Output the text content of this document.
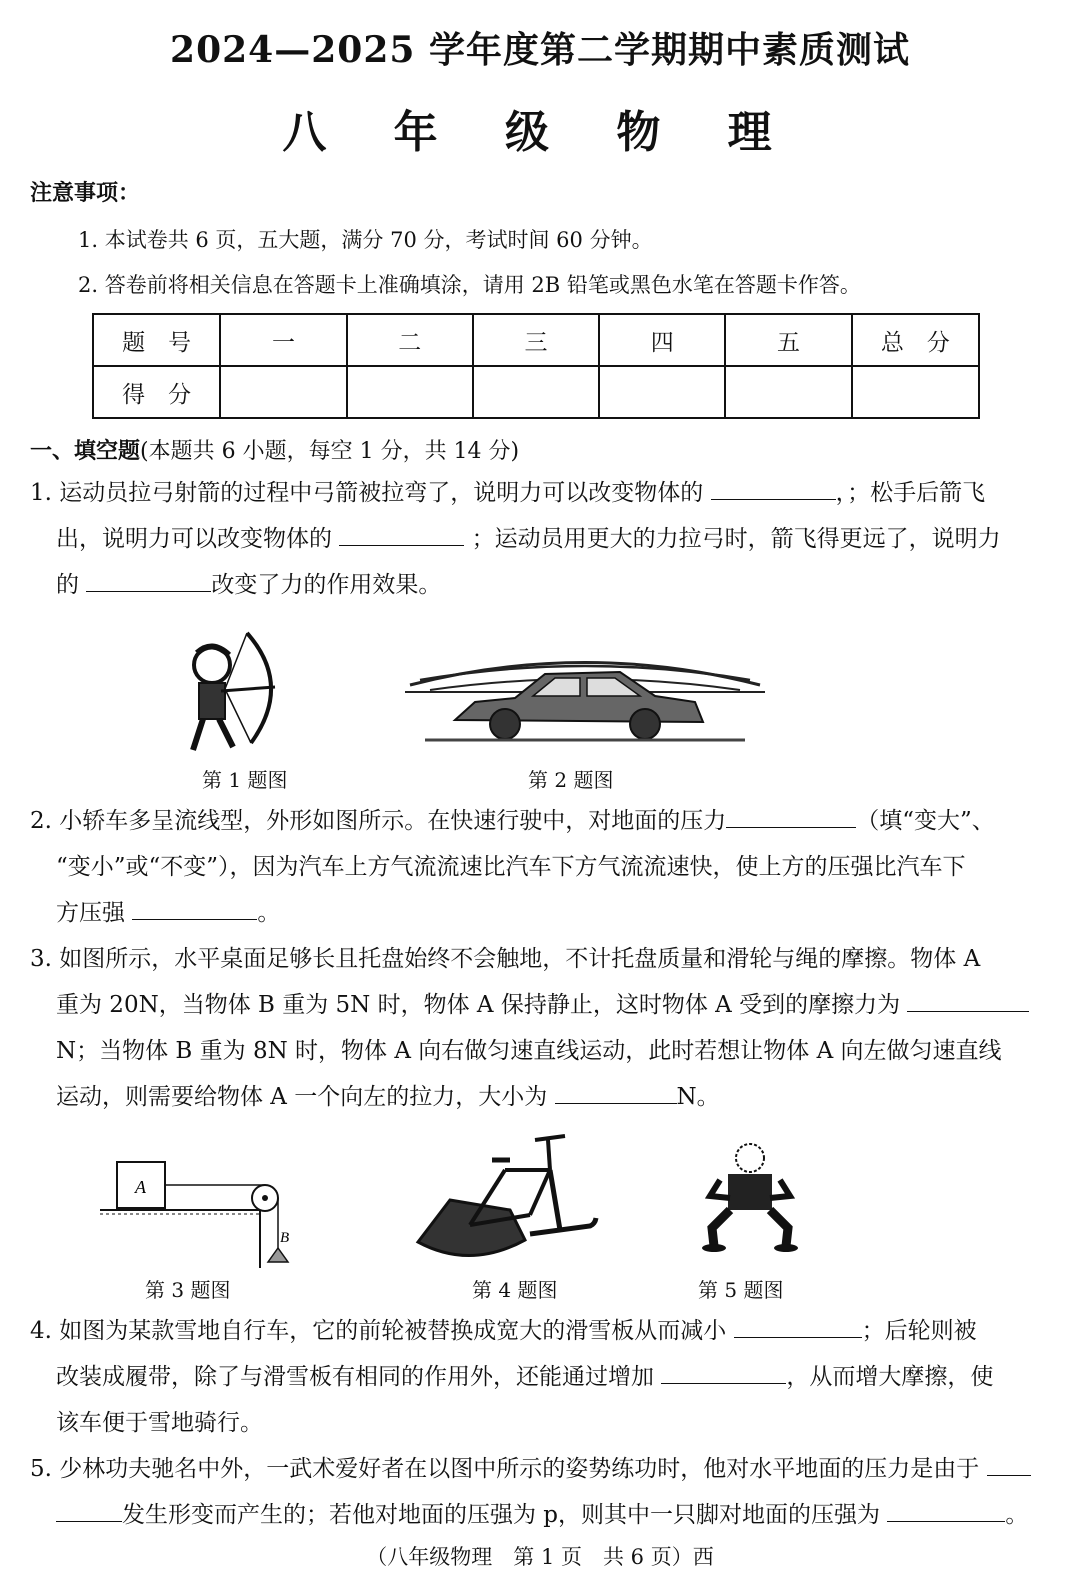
2024—2025 学年度第二学期期中素质测试
八 年 级 物 理
注意事项：
1. 本试卷共 6 页，五大题，满分 70 分，考试时间 60 分钟。
2. 答卷前将相关信息在答题卡上准确填涂，请用 2B 铅笔或黑色水笔在答题卡作答。
题　号	一	二	三	四	五	总　分
得　分						
一、填空题(本题共 6 小题，每空 1 分，共 14 分)
1. 运动员拉弓射箭的过程中弓箭被拉弯了，说明力可以改变物体的	，；松手后箭飞
出，说明力可以改变物体的	；运动员用更大的力拉弓时，箭飞得更远了，说明力
的	改变了力的作用效果。
第 1 题图	第 2 题图
2. 小轿车多呈流线型，外形如图所示。在快速行驶中，对地面的压力	（填“变大”、
“变小”或“不变”），因为汽车上方气流流速比汽车下方气流流速快，使上方的压强比汽车下
方压强	。
3. 如图所示，水平桌面足够长且托盘始终不会触地，不计托盘质量和滑轮与绳的摩擦。物体 A
重为 20N，当物体 B 重为 5N 时，物体 A 保持静止，这时物体 A 受到的摩擦力为
N；当物体 B 重为 8N 时，物体 A 向右做匀速直线运动，此时若想让物体 A 向左做匀速直线
运动，则需要给物体 A 一个向左的拉力，大小为	N。
A
B
第 3 题图	第 4 题图	第 5 题图
4. 如图为某款雪地自行车，它的前轮被替换成宽大的滑雪板从而减小	；后轮则被
改装成履带，除了与滑雪板有相同的作用外，还能通过增加	，从而增大摩擦，使
该车便于雪地骑行。
5. 少林功夫驰名中外，一武术爱好者在以图中所示的姿势练功时，他对水平地面的压力是由于
发生形变而产生的；若他对地面的压强为 p，则其中一只脚对地面的压强为	。
（八年级物理　第 1 页　共 6 页）西
